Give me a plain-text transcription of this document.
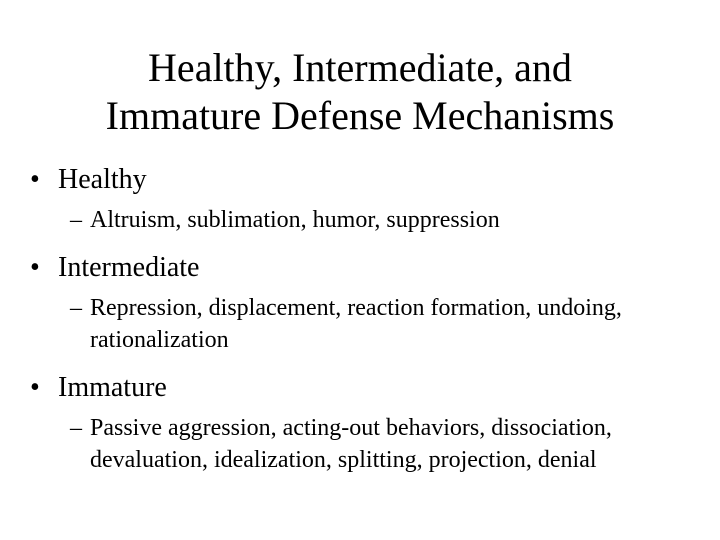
Healthy, Intermediate, and
Immature Defense Mechanisms
• Healthy
– Altruism, sublimation, humor, suppression
• Intermediate
– Repression, displacement, reaction formation, undoing, rationalization
• Immature
– Passive aggression, acting-out behaviors, dissociation, devaluation, idealization, splitting, projection, denial
